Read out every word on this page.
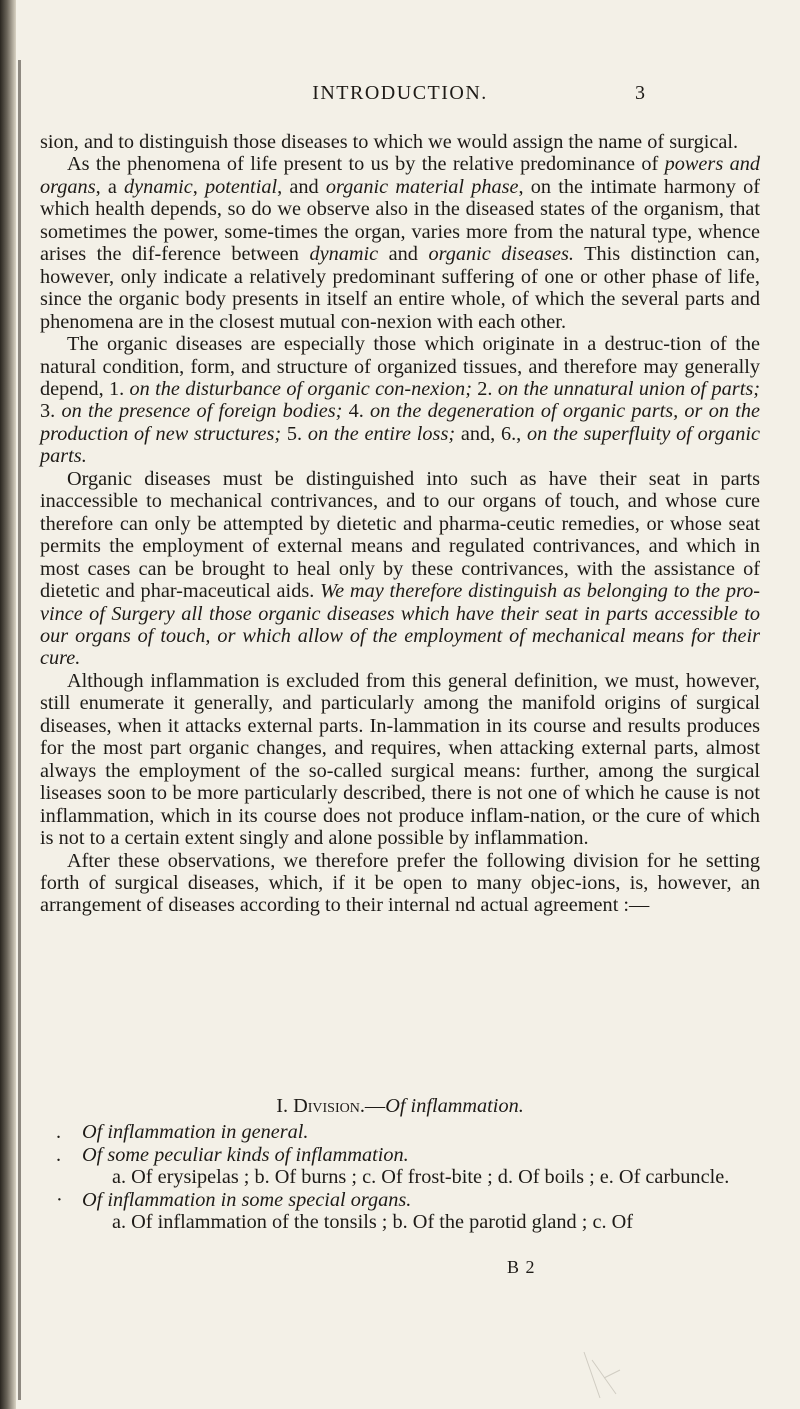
INTRODUCTION.	3

sion, and to distinguish those diseases to which we would assign the name of surgical.

As the phenomena of life present to us by the relative predominance of powers and organs, a dynamic, potential, and organic material phase, on the intimate harmony of which health depends, so do we observe also in the diseased states of the organism, that sometimes the power, some-times the organ, varies more from the natural type, whence arises the dif-ference between dynamic and organic diseases. This distinction can, however, only indicate a relatively predominant suffering of one or other phase of life, since the organic body presents in itself an entire whole, of which the several parts and phenomena are in the closest mutual con-nexion with each other.

The organic diseases are especially those which originate in a destruc-tion of the natural condition, form, and structure of organized tissues, and therefore may generally depend, 1. on the disturbance of organic con-nexion; 2. on the unnatural union of parts; 3. on the presence of foreign bodies; 4. on the degeneration of organic parts, or on the production of new structures; 5. on the entire loss; and, 6., on the superfluity of organic parts.

Organic diseases must be distinguished into such as have their seat in parts inaccessible to mechanical contrivances, and to our organs of touch, and whose cure therefore can only be attempted by dietetic and pharma-ceutic remedies, or whose seat permits the employment of external means and regulated contrivances, and which in most cases can be brought to heal only by these contrivances, with the assistance of dietetic and phar-maceutical aids. We may therefore distinguish as belonging to the pro-vince of Surgery all those organic diseases which have their seat in parts accessible to our organs of touch, or which allow of the employment of mechanical means for their cure.

Although inflammation is excluded from this general definition, we must, however, still enumerate it generally, and particularly among the manifold origins of surgical diseases, when it attacks external parts. In-lammation in its course and results produces for the most part organic changes, and requires, when attacking external parts, almost always the employment of the so-called surgical means: further, among the surgical liseases soon to be more particularly described, there is not one of which he cause is not inflammation, which in its course does not produce inflam-nation, or the cure of which is not to a certain extent singly and alone possible by inflammation.

After these observations, we therefore prefer the following division for he setting forth of surgical diseases, which, if it be open to many objec-ions, is, however, an arrangement of diseases according to their internal nd actual agreement :—

I. Division.—Of inflammation.
. Of inflammation in general.
. Of some peculiar kinds of inflammation.
a. Of erysipelas ; b. Of burns ; c. Of frost-bite ; d. Of boils ; e. Of carbuncle.
· Of inflammation in some special organs.
a. Of inflammation of the tonsils ; b. Of the parotid gland ; c. Of
B 2
